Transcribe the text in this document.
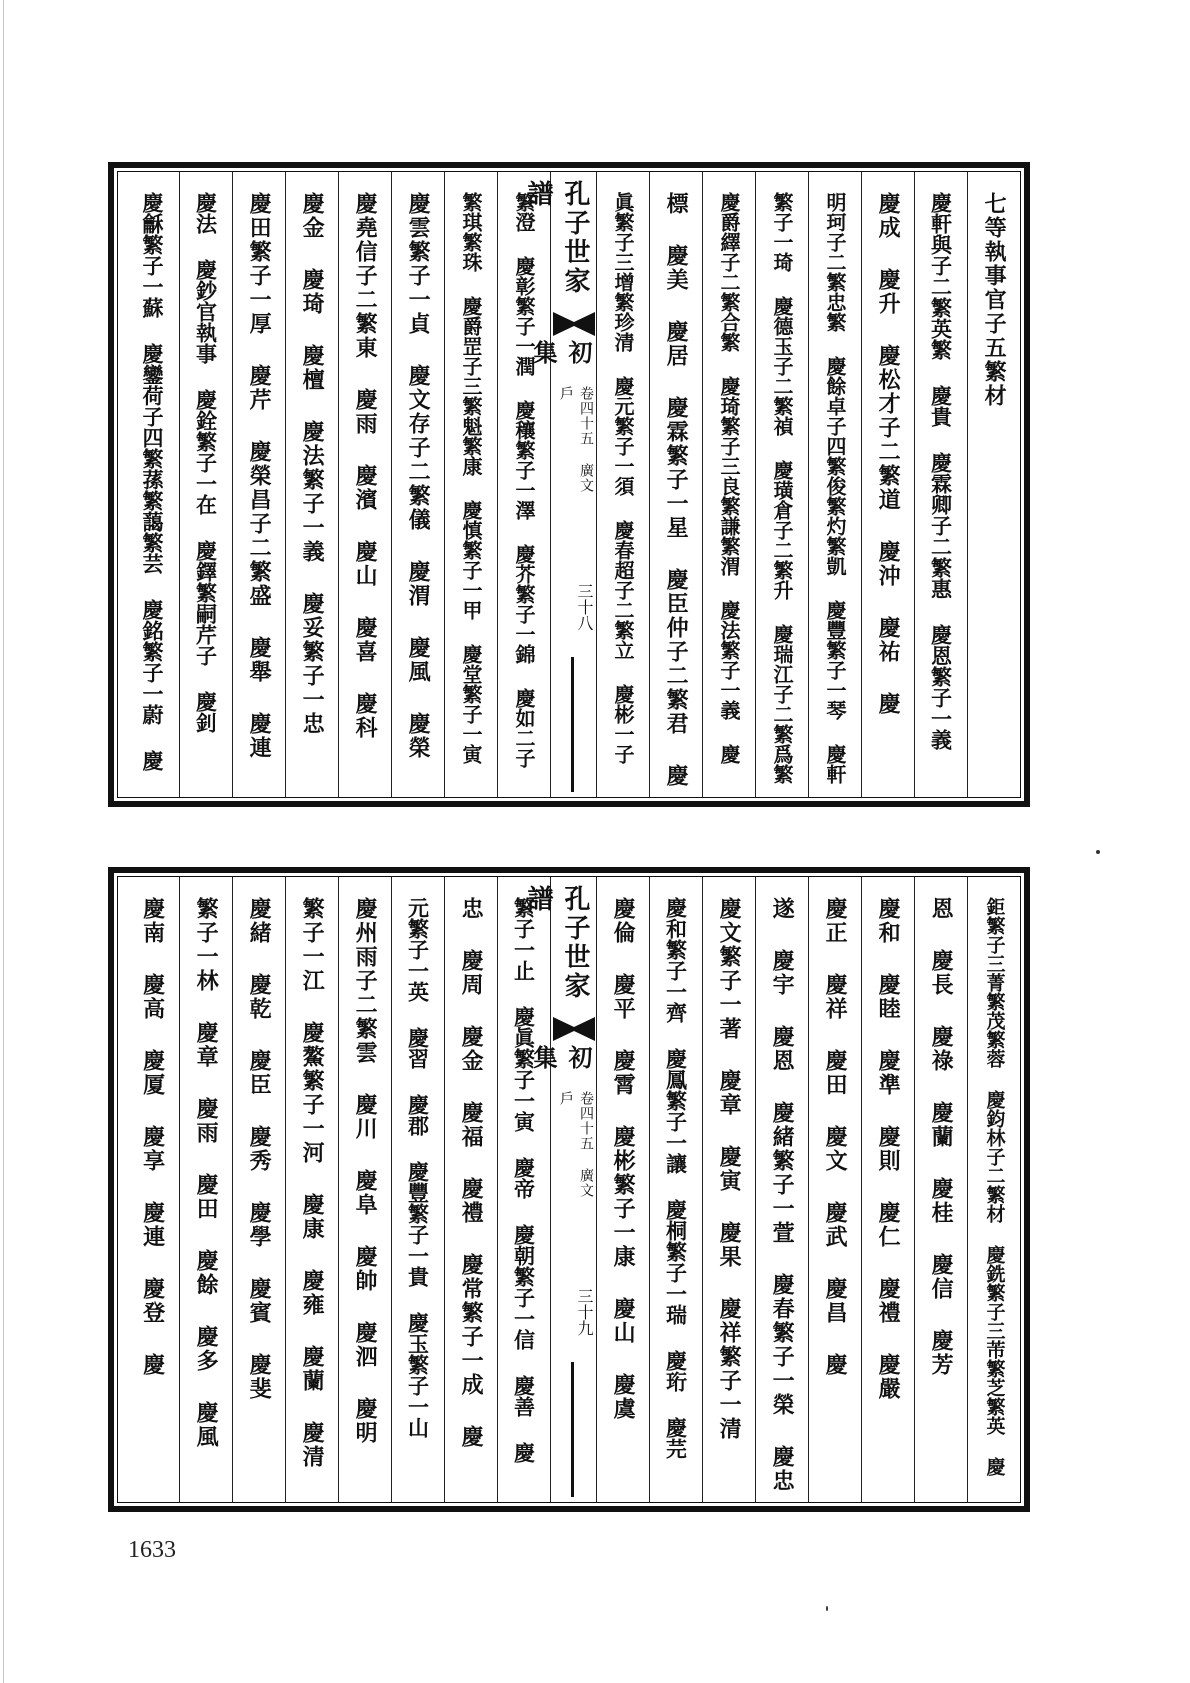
七等執事官子五繁材
慶軒與子二繁英繁 慶貴 慶霖卿子二繁惠 慶恩繁子一義
慶成 慶升 慶松才子二繁道 慶沖 慶祐 慶
明珂子二繁忠繁 慶餘卓子四繁俊繁灼繁凱 慶豐繁子一琴 慶軒
繁子一琦 慶德玉子二繁禎 慶璜倉子二繁升 慶瑞江子二繁爲繁
慶爵繹子二繁合繁 慶琦繁子三良繁謙繁渭 慶法繁子一義 慶
標 慶美 慶居 慶霖繁子一星 慶臣仲子二繁君 慶
眞繁子三增繁珍清 慶元繁子一須 慶春超子二繁立 慶彬一子
孔子世家譜
初集
卷四十五 廣文戶
三十八
繁澄 慶彰繁子一潤 慶穰繁子一澤 慶芥繁子一錦 慶如二子
繁琪繁珠 慶爵罡子三繁魁繁康 慶慎繁子一甲 慶堂繁子一寅
慶雲繁子一貞 慶文存子二繁儀 慶渭 慶風 慶榮
慶堯信子二繁東 慶雨 慶濱 慶山 慶喜 慶科
慶金 慶琦 慶檀 慶法繁子一義 慶妥繁子一忠
慶田繁子一厚 慶芹 慶榮昌子二繁盛 慶舉 慶連
慶法 慶鈔官執事 慶銓繁子一在 慶鐸繁嗣芹子 慶釗
慶龢繁子一蘇 慶鑾荷子四繁蓀繁藹繁芸 慶銘繁子一蔚 慶
鉅繁子三菁繁茂繁蓉 慶鈞林子二繁材 慶銑繁子三芾繁芝繁英 慶
恩 慶長 慶祿 慶蘭 慶桂 慶信 慶芳
慶和 慶睦 慶準 慶則 慶仁 慶禮 慶嚴
慶正 慶祥 慶田 慶文 慶武 慶昌 慶
遂 慶宇 慶恩 慶緒繁子一萱 慶春繁子一榮 慶忠
慶文繁子一著 慶章 慶寅 慶果 慶祥繁子一清
慶和繁子一齊 慶鳳繁子一讓 慶桐繁子一瑞 慶珩 慶芫
慶倫 慶平 慶霄 慶彬繁子一康 慶山 慶虞
孔子世家譜
初集
卷四十五 廣文戶
三十九
繁子一止 慶眞繁子一寅 慶帝 慶朝繁子一信 慶善 慶
忠 慶周 慶金 慶福 慶禮 慶常繁子一成 慶
元繁子一英 慶習 慶郡 慶豐繁子一貴 慶玉繁子一山
慶州雨子二繁雲 慶川 慶阜 慶帥 慶泗 慶明
繁子一江 慶鰲繁子一河 慶康 慶雍 慶蘭 慶清
慶緒 慶乾 慶臣 慶秀 慶學 慶賓 慶斐
繁子一林 慶章 慶雨 慶田 慶餘 慶多 慶風
慶南 慶高 慶厦 慶享 慶連 慶登 慶
1633
